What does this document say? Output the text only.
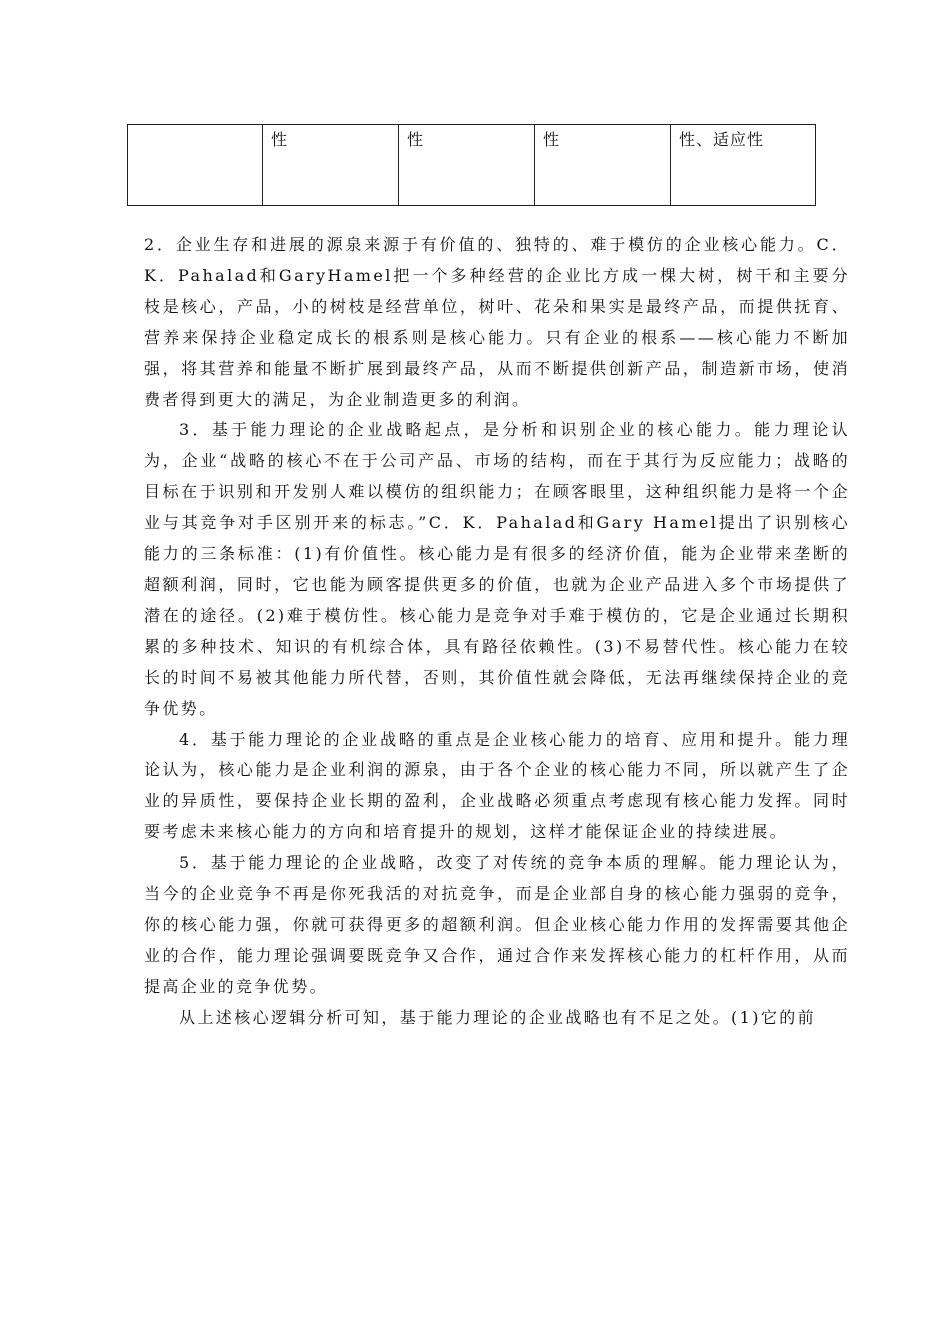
	性	性	性	性、适应性

2．企业生存和进展的源泉来源于有价值的、独特的、难于模仿的企业核心能力。C．K．Pahalad和GaryHamel把一个多种经营的企业比方成一棵大树，树干和主要分枝是核心，产品，小的树枝是经营单位，树叶、花朵和果实是最终产品，而提供抚育、营养来保持企业稳定成长的根系则是核心能力。只有企业的根系——核心能力不断加强，将其营养和能量不断扩展到最终产品，从而不断提供创新产品，制造新市场，使消费者得到更大的满足，为企业制造更多的利润。

3．基于能力理论的企业战略起点，是分析和识别企业的核心能力。能力理论认为，企业“战略的核心不在于公司产品、市场的结构，而在于其行为反应能力；战略的目标在于识别和开发别人难以模仿的组织能力；在顾客眼里，这种组织能力是将一个企业与其竞争对手区别开来的标志。”C．K．Pahalad和Gary Hamel提出了识别核心能力的三条标准：(1)有价值性。核心能力是有很多的经济价值，能为企业带来垄断的超额利润，同时，它也能为顾客提供更多的价值，也就为企业产品进入多个市场提供了潜在的途径。(2)难于模仿性。核心能力是竞争对手难于模仿的，它是企业通过长期积累的多种技术、知识的有机综合体，具有路径依赖性。(3)不易替代性。核心能力在较长的时间不易被其他能力所代替，否则，其价值性就会降低，无法再继续保持企业的竞争优势。

4．基于能力理论的企业战略的重点是企业核心能力的培育、应用和提升。能力理论认为，核心能力是企业利润的源泉，由于各个企业的核心能力不同，所以就产生了企业的异质性，要保持企业长期的盈利，企业战略必须重点考虑现有核心能力发挥。同时要考虑未来核心能力的方向和培育提升的规划，这样才能保证企业的持续进展。

5．基于能力理论的企业战略，改变了对传统的竞争本质的理解。能力理论认为，当今的企业竞争不再是你死我活的对抗竞争，而是企业部自身的核心能力强弱的竞争，你的核心能力强，你就可获得更多的超额利润。但企业核心能力作用的发挥需要其他企业的合作，能力理论强调要既竞争又合作，通过合作来发挥核心能力的杠杆作用，从而提高企业的竞争优势。

从上述核心逻辑分析可知，基于能力理论的企业战略也有不足之处。(1)它的前
